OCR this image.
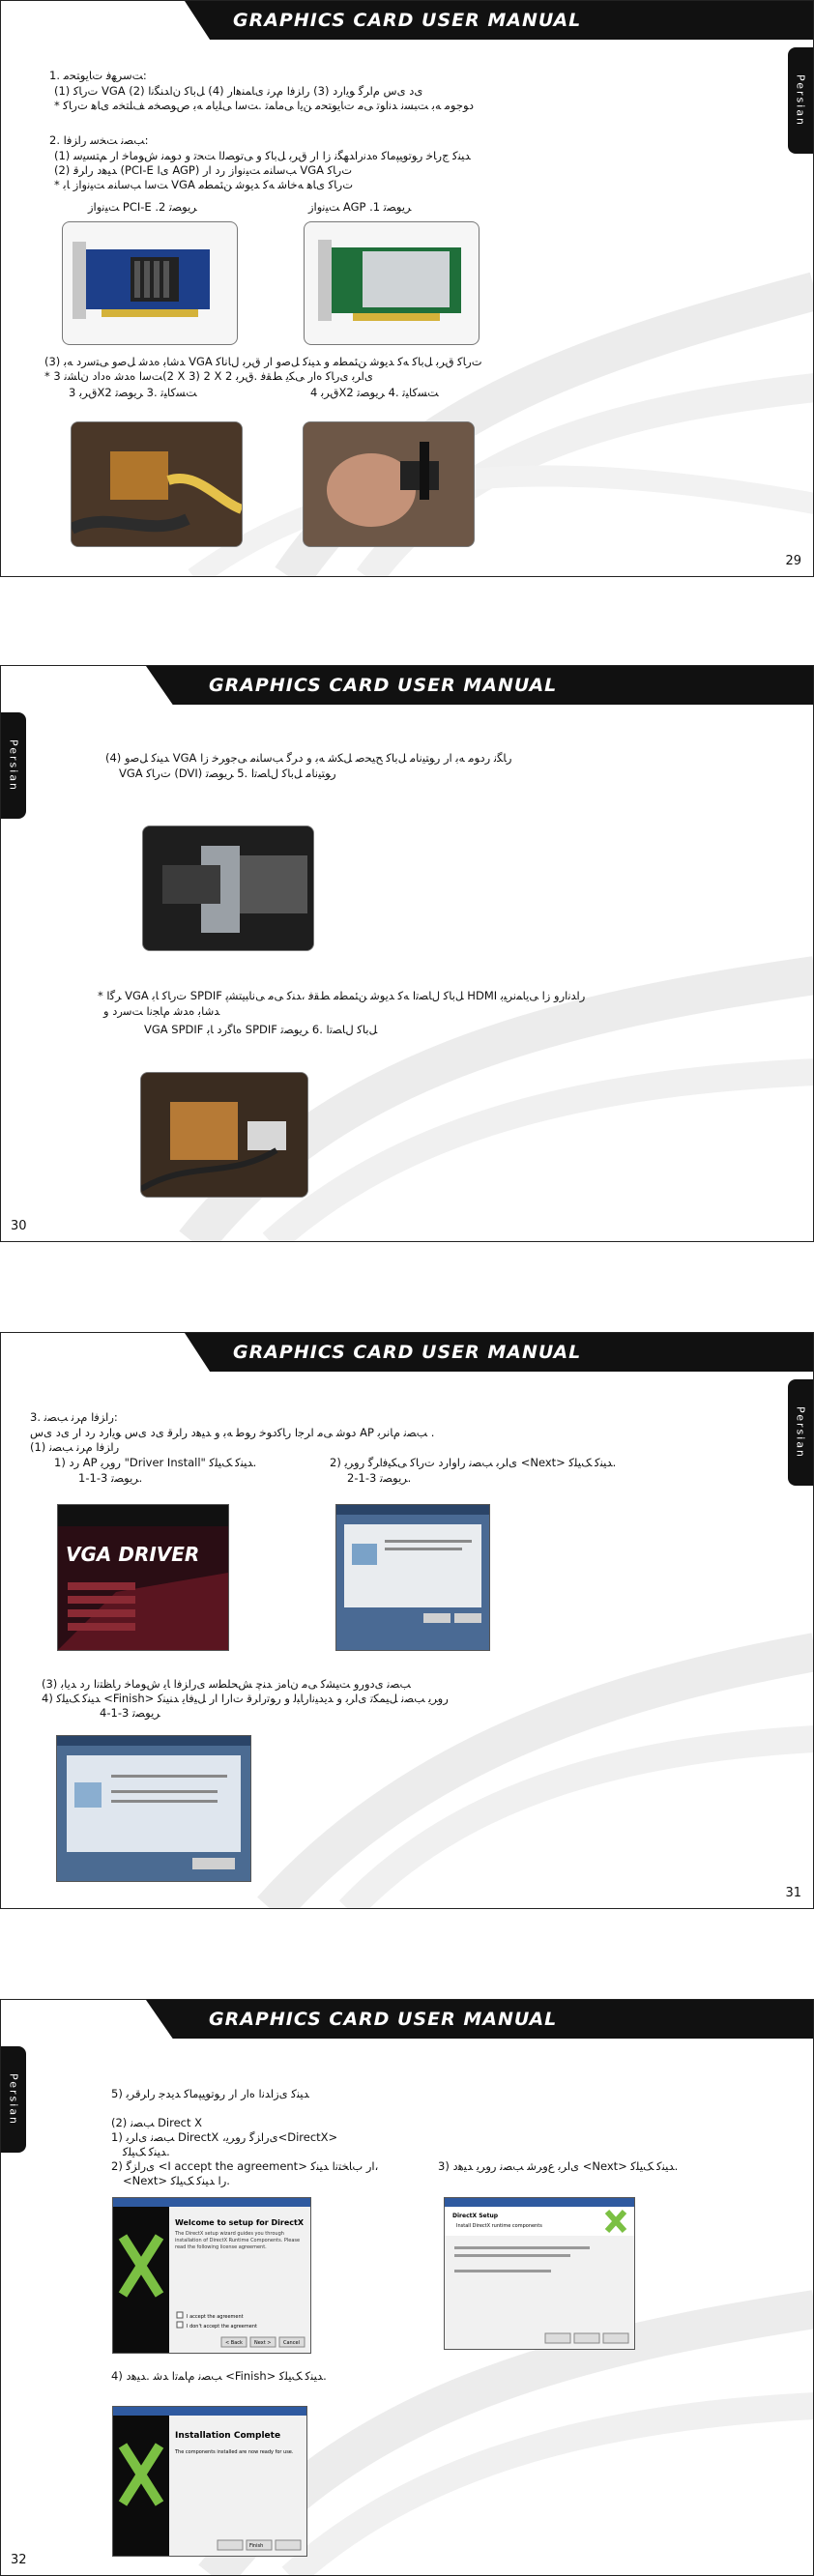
GRAPHICS CARD USER MANUAL
Persian
1. ﺖﺳﺮﻬﻓ ﺕﺎﯾﻮﺘﺤﻣ:
(1) ﺕﺭﺎﮐ VGA (2) ﯼﺩ ﯼﺱ ﻡﺍﺮﮔ ﻮﯾﺍﺭﺩ (3) ﺭﺍﺰﻓﺍ ﻡﺮﻧ ﯼﺎﻤﻨﻫﺍﺭ (4) ﻞﺑﺎﮐ ﻥﺍﺪﻨﮕﻧﺍ
* ﺩﻮﺟﻮﻣ ﻪﺑ ﺖﺒﺴﻧ ﺪﻧﺍﻮﺗ ﯽﻣ ﺕﺎﯾﻮﺘﺤﻣ ﻦﯾﺍ ﯽﻣﺎﻤﺗ .ﺖﺳﺍ ﯽﻠﯾﺎﻣ ﻪﺑ ﺹﻮﺼﺨﻣ ﻒﻠﺘﺨﻣ ﯼﺎﻫ ﺕﺭﺎﮐ
2. ﺐﺼﻧ ﺖﺨﺳ ﺭﺍﺰﻓﺍ:
(1) ﺪﯿﻨﮐ ﺝﺭﺎﺧ ﺭﻮﺗﻮﯿﭙﻣﺎﮐ ﻩﺪﻧﺭﺍﺪﻬﮕﻧ ﺯﺍ ﺍﺭ ﻕﺮﺑ ﻞﺑﺎﮐ ﻭ ﯽﺗﻮﺼﻟﺍ ﺖﺤﺗ ﻭ ﺩﻮﻤﻧ ﺵﻮﻣﺎﺧ ﺍﺭ ﻢﺘﺴﯿﺳ
(2) ﺪﯿﻫﺩ ﺭﺍﺮﻗ (PCI-E ﯼﺍ AGP) ﺐﺳﺎﻨﻣ ﺖﯿﻧﻭﺍﺯ ﺭﺩ ﺍﺭ VGA ﺕﺭﺎﮐ
* ﺖﺳﺍ ﺐﺳﺎﻨﻣ ﺖﯿﻧﻭﺍﺯ ﺎﺑ VGA ﺕﺭﺎﮐ ﯼﺎﻫ ﻪﺧﺎﺷ ﻪﮐ ﺪﯾﻮﺷ ﻦﺌﻤﻄﻣ
ﺖﯿﻧﻭﺍﺯ PCI-E .2 ﺮﯾﻮﺼﺗ	ﺖﯿﻧﻭﺍﺯ AGP .1 ﺮﯾﻮﺼﺗ
(3) ﺪﺷﺎﺑ ﻩﺪﺷ ﻞﺻﻭ ﯽﺘﺳﺭﺩ ﻪﺑ VGA ﺕﺭﺎﮐ ﻕﺮﺑ ﻞﺑﺎﮐ ﻪﮐ ﺪﯾﻮﺷ ﻦﺌﻤﻄﻣ ﻭ ﺪﯿﻨﮐ ﻞﺻﻭ ﺍﺭ ﻕﺮﺑ ﻝﺎﻧﺎﮐ
* ﺖﺳﺍ ﻩﺪﺷ ﻩﺩﺍﺩ ﻥﺎﺸﻧ 3(2 X 3) 2 X 2 ﯼﺍﺮﺑ ﯼﺭﺎﮐ ﻩﺍﺭ ﯽﮑﯾ ﻂﻘﻓ .ﻕﺮﺑ
ﻕﺮﺑ 3X2 ﺖﺴﮐﺎﯿﺗ .3 ﺮﯾﻮﺼﺗ	ﻕﺮﺑ 4X2 ﺖﺴﮐﺎﯿﺗ .4 ﺮﯾﻮﺼﺗ
29
GRAPHICS CARD USER MANUAL
Persian	(4) ﺪﯿﻨﮐ ﻞﺻﻭ VGA ﺭﺎﮕﻧ ﺭﺩﻮﻣ ﻪﺑ ﺍﺭ ﺭﻮﺘﯿﻧﺎﻣ ﻞﺑﺎﮐ ﺢﯿﺤﺻ ﻞﮑﺷ ﻪﺑ ﻭ ﺩﺮﮔ ﺐﺳﺎﻨﻣ ﯽﺟﻭﺮﺧ ﺯﺍ
VGA ﺕﺭﺎﮐ (DVI) ﺭﻮﺘﯿﻧﺎﻣ ﻞﺑﺎﮐ ﻝﺎﺼﺗﺍ .5 ﺮﯾﻮﺼﺗ
* ﺮﮔﺍ VGA ﺕﺭﺎﮐ ﺎﺑ SPDIF ﻞﺑﺎﮐ ﻝﺎﺼﺗﺍ ﻪﮐ ﺪﯾﻮﺷ ﻦﺌﻤﻄﻣ ﻂﻘﻓ ،ﺪﻨﮐ ﯽﻣ ﯽﻧﺎﺒﯿﺘﺸﭘ HDMI ﺭﺍﺪﻧﺍﺭﻭ ﺯﺍ ﯽﯾﺎﻤﻧﺮﯿﺑ
ﺪﺷﺎﺑ ﻩﺪﺷ ﻡﺎﺠﻧﺍ ﺖﺳﺭﺩ ﻭ
VGA SPDIF ﻩﺎﮔﺭﺩ ﺎﺑ SPDIF ﻞﺑﺎﮐ ﻝﺎﺼﺗﺍ .6 ﺮﯾﻮﺼﺗ
30
GRAPHICS CARD USER MANUAL
Persian
3. ﺭﺍﺰﻓﺍ ﻡﺮﻧ ﺐﺼﻧ:
ﺩﻮﺷ ﯽﻣ ﺍﺮﺟﺍ ﺭﺎﮐﺩﻮﺧ ﺭﻮﻃ ﻪﺑ ﻭ ﺪﯿﻫﺩ ﺭﺍﺮﻗ ﯼﺩ ﯼﺱ ﻮﯾﺍﺭﺩ ﺭﺩ ﺍﺭ ﯼﺩ ﯼﺱ AP ﺐﺼﻧ ﻡﺎﻧﺮﺑ .
(1) ﺭﺍﺰﻓﺍ ﻡﺮﻧ ﺐﺼﻧ
1) ﺭﺩ AP ﺭﻭﺮﯾ "Driver Install" ﺪﯿﻨﮐ ﮏﯿﻠﮐ.
ﺮﯾﻮﺼﺗ 3-1-1.
2) ﯼﺍﺮﺑ ﺐﺼﻧ ﺭﺍﻭﺍﺭﺩ ﺕﺭﺎﮐ ﯽﮑﯿﻓﺍﺮﮔ ﺭﻭﺮﯾ <Next> ﺪﯿﻨﮐ ﮏﯿﻠﮐ.
ﺮﯾﻮﺼﺗ 3-1-2.
VGA DRIVER
(3) ﺐﺼﻧ ﯼﺩﻭﺭﻭ ﺖﯿﺸﮐ ﯽﻣ ﻥﺎﻣﺯ ﺪﻨﭼ ﺶﺤﻠﻄﺳ ﯼﺭﺍﺰﻓﺍ ﺎﯾ ﺵﻮﻣﺎﺧ ﺭﺎﻈﺘﻧﺍ ﺭﺩ ﺪﯾﺎﺑ
4) ﺪﯿﻨﮐ ﮏﯿﻠﮐ <Finish> ﺭﻭﺮﯾ ﺐﺼﻧ ﻞﯿﻤﮑﺗ ﯼﺍﺮﺑ ﻭ ﺪﯾﺪﯿﻧﺍﺭﺎﺒﻟ ﻭ ﺭﻮﺗﺭﺍﺮﻗ ﺕﺍﺭﺍ ﺍﺭ ﻞﯿﻓﺎﯾ ﺪﻨﯿﻨﮐ
ﺮﯾﻮﺼﺗ 3-1-4
31
GRAPHICS CARD USER MANUAL
Persian	5) ﺪﯿﻨﮐ ﯼﺯﺍﺪﻧﺍ ﻩﺍﺭ ﺍﺭ ﺭﻮﺗﻮﯿﭙﻣﺎﮐ ﺪﯾﺪﺟ ﺭﺍﺮﻗﺮﺑ
(2) ﺐﺼﻧ Direct X
1) ﺐﺼﻧ ﯼﺍﺮﺑ DirectX ،ﯼﺭﺍﺰﮔ ﺭﻭﺮﯾ<DirectX>
ﺪﯿﻨﮐ ﮏﯿﻠﮐ.
2) ﯼﺭﺍﺰﮔ <I accept the agreement> ﺍﺭ ﺏﺎﺨﺘﻧﺍ ﺪﯿﻨﮐ،
<Next> ﺭﺍ ﺪﯿﻨﮐ ﮏﯿﻠﮐ.
3) ﯼﺍﺮﺑ ﻉﻭﺮﺷ ﺐﺼﻧ ﺭﻭﺮﯾ ﺪﯿﻫﺩ <Next> ﺪﯿﻨﮐ ﮏﯿﻠﮐ.
Welcome to setup for DirectX
The DirectX setup wizard guides you through installation of DirectX Runtime Components. Please read the following license agreement.
I accept the agreement
I don't accept the agreement
< Back Next >	Cancel
DirectX Setup
Install DirectX runtime components
4) ﺐﺼﻧ ﻡﺎﻤﺗﺍ ﺪﺷ .ﺪﯿﻫﺩ <Finish> ﺪﯿﻨﮐ ﮏﯿﻠﮐ.
Installation Complete
The components installed are now ready for use.
Finish
32
